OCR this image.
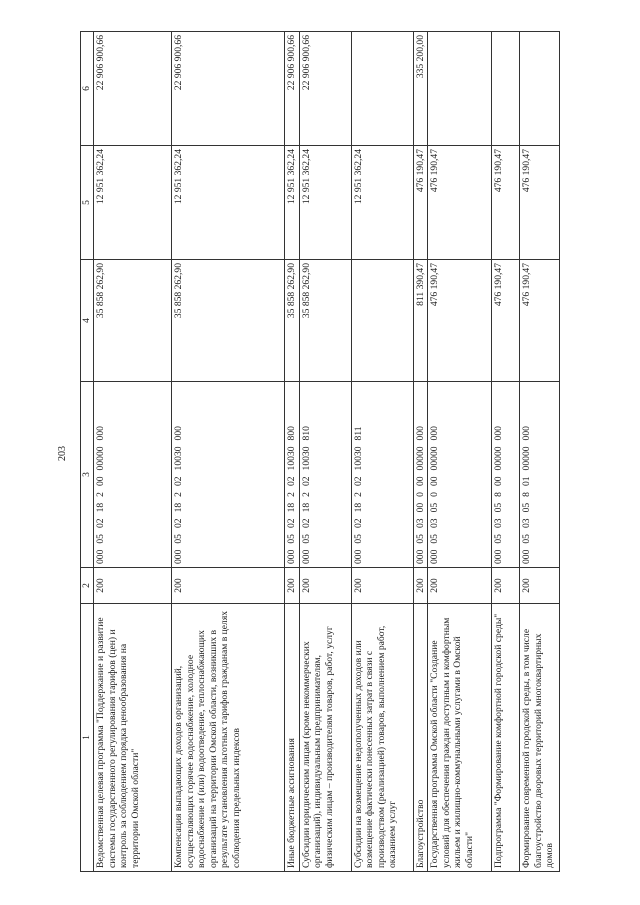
203
1	2	3	4	5	6
Ведомственная целевая программа "Поддержание и развитие системы государственного регулирования тарифов (цен) и контроль за соблюдением порядка ценообразования на территории Омской области"	200	00005021820000000000	35 858 262,90	12 951 362,24	22 906 900,66
Компенсация выпадающих доходов организаций, осуществляющих горячее водоснабжение, холодное водоснабжение и (или) водоотведение, теплоснабжающих организаций на территории Омской области, возникших в результате установления льготных тарифов гражданам в целях соблюдения предельных индексов	200	00005021820210030000	35 858 262,90	12 951 362,24	22 906 900,66
Иные бюджетные ассигнования	200	00005021820210030800	35 858 262,90	12 951 362,24	22 906 900,66
Субсидии юридическим лицам (кроме некоммерческих организаций), индивидуальным предпринимателям, физическим лицам – производителям товаров, работ, услуг	200	00005021820210030810	35 858 262,90	12 951 362,24	22 906 900,66
Субсидии на возмещение недополученных доходов или возмещение фактически понесенных затрат в связи с производством (реализацией) товаров, выполнением работ, оказанием услуг	200	00005021820210030811		12 951 362,24	
Благоустройство	200	00005030000000000000	811 390,47	476 190,47	335 200,00
Государственная программа Омской области "Создание условий для обеспечения граждан доступным и комфортным жильем и жилищно-коммунальными услугами в Омской области"	200	00005030500000000000	476 190,47	476 190,47	
Подпрограмма "Формирование комфортной городской среды"	200	00005030580000000000	476 190,47	476 190,47	
Формирование современной городской среды, в том числе благоустройство дворовых территорий многоквартирных домов	200	00005030580100000000	476 190,47	476 190,47	
